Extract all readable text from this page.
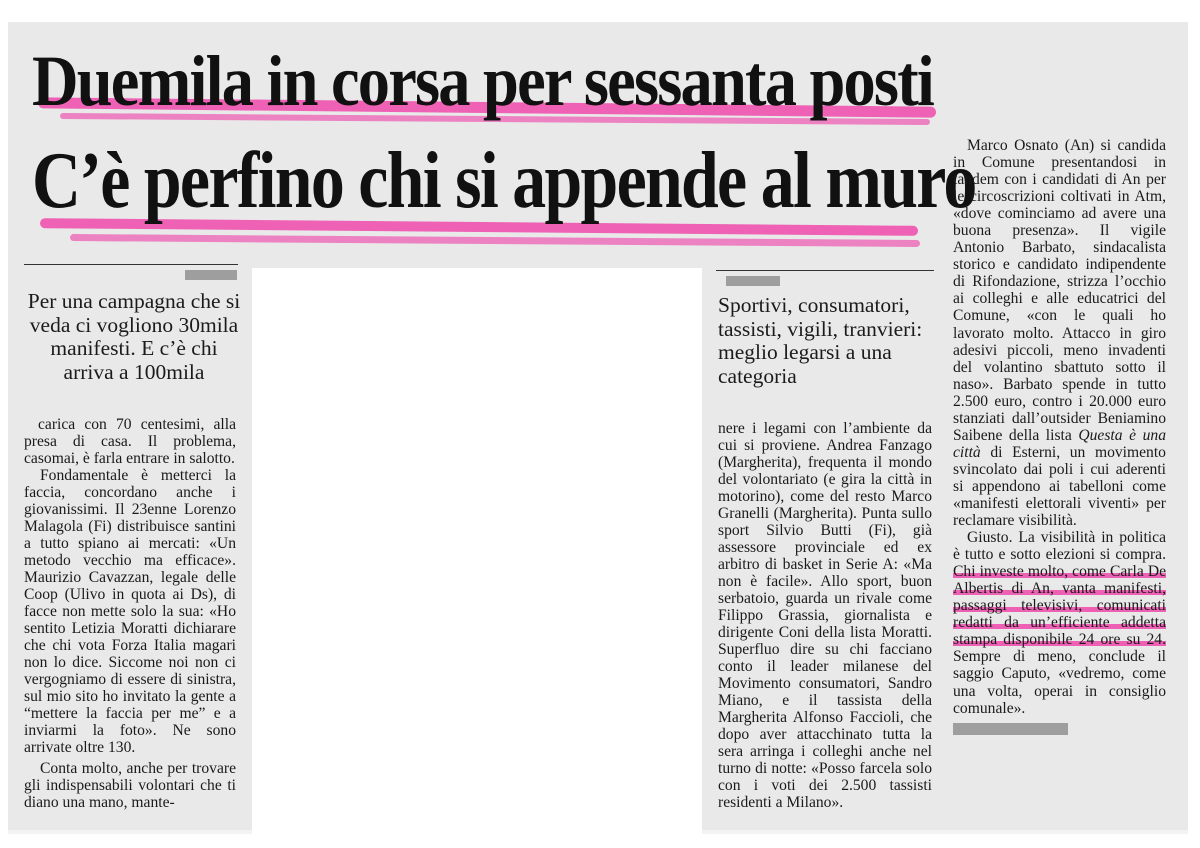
Duemila in corsa per sessanta posti
C’è perfino chi si appende al muro
Per una campagna che si veda ci vogliono 30mila manifesti. E c’è chi arriva a 100mila

carica con 70 centesimi, alla presa di casa. Il problema, casomai, è farla entrare in salotto.

Fondamentale è metterci la faccia, concordano anche i giovanissimi. Il 23enne Lorenzo Malagola (Fi) distribuisce santini a tutto spiano ai mercati: «Un metodo vecchio ma efficace». Maurizio Cavazzan, legale delle Coop (Ulivo in quota ai Ds), di facce non mette solo la sua: «Ho sentito Letizia Moratti dichiarare che chi vota Forza Italia magari non lo dice. Siccome noi non ci vergogniamo di essere di sinistra, sul mio sito ho invitato la gente a “mettere la faccia per me” e a inviarmi la foto». Ne sono arrivate oltre 130.

Conta molto, anche per trovare gli indispensabili volontari che ti diano una mano, mante-

Sportivi, consumatori, tassisti, vigili, tranvieri: meglio legarsi a una categoria

nere i legami con l’ambiente da cui si proviene. Andrea Fanzago (Margherita), frequenta il mondo del volontariato (e gira la città in motorino), come del resto Marco Granelli (Margherita). Punta sullo sport Silvio Butti (Fi), già assessore provinciale ed ex arbitro di basket in Serie A: «Ma non è facile». Allo sport, buon serbatoio, guarda un rivale come Filippo Grassia, giornalista e dirigente Coni della lista Moratti. Superfluo dire su chi facciano conto il leader milanese del Movimento consumatori, Sandro Miano, e il tassista della Margherita Alfonso Faccioli, che dopo aver attacchinato tutta la sera arringa i colleghi anche nel turno di notte: «Posso farcela solo con i voti dei 2.500 tassisti residenti a Milano».

Marco Osnato (An) si candida in Comune presentandosi in tandem con i candidati di An per le circoscrizioni coltivati in Atm, «dove cominciamo ad avere una buona presenza». Il vigile Antonio Barbato, sindacalista storico e candidato indipendente di Rifondazione, strizza l’occhio ai colleghi e alle educatrici del Comune, «con le quali ho lavorato molto. Attacco in giro adesivi piccoli, meno invadenti del volantino sbattuto sotto il naso». Barbato spende in tutto 2.500 euro, contro i 20.000 euro stanziati dall’outsider Beniamino Saibene della lista Questa è una città di Esterni, un movimento svincolato dai poli i cui aderenti si appendono ai tabelloni come «manifesti elettorali viventi» per reclamare visibilità.

Giusto. La visibilità in politica è tutto e sotto elezioni si compra. Chi investe molto, come Carla De Albertis di An, vanta manifesti, passaggi televisivi, comunicati redatti da un’efficiente addetta stampa disponibile 24 ore su 24. Sempre di meno, conclude il saggio Caputo, «vedremo, come una volta, operai in consiglio comunale».
